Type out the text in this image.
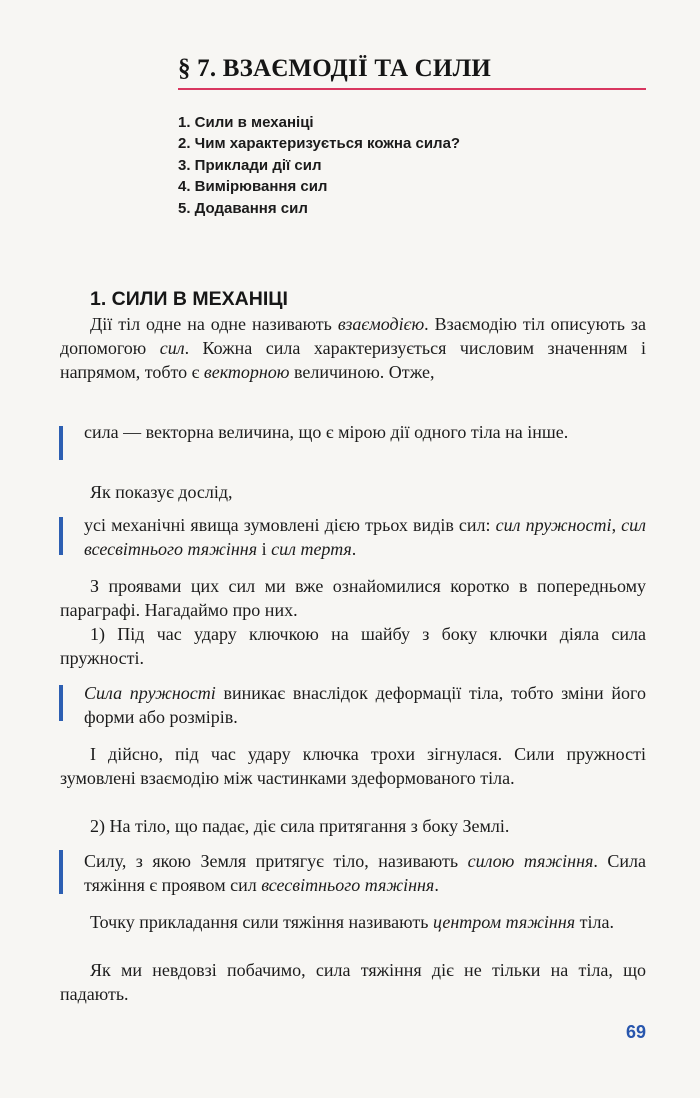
§ 7. ВЗАЄМОДІЇ ТА СИЛИ
1. Сили в механіці
2. Чим характеризується кожна сила?
3. Приклади дії сил
4. Вимірювання сил
5. Додавання сил
1. СИЛИ В МЕХАНІЦІ

Дії тіл одне на одне називають взаємодією. Взаємодію тіл описують за допомогою сил. Кожна сила характеризується числовим значенням і напрямом, тобто є векторною величиною. Отже,

сила — векторна величина, що є мірою дії одного тіла на інше.

Як показує дослід,

усі механічні явища зумовлені дією трьох видів сил: сил пружності, сил всесвітнього тяжіння і сил тертя.

З проявами цих сил ми вже ознайомилися коротко в попередньому параграфі. Нагадаймо про них.

1) Під час удару ключкою на шайбу з боку ключки діяла сила пружності.

Сила пружності виникає внаслідок деформації тіла, тобто зміни його форми або розмірів.

І дійсно, під час удару ключка трохи зігнулася. Сили пружності зумовлені взаємодію між частинками здеформованого тіла.

2) На тіло, що падає, діє сила притягання з боку Землі.

Силу, з якою Земля притягує тіло, називають силою тяжіння. Сила тяжіння є проявом сил всесвітнього тяжіння.

Точку прикладання сили тяжіння називають центром тяжіння тіла.

Як ми невдовзі побачимо, сила тяжіння діє не тільки на тіла, що падають.

69
